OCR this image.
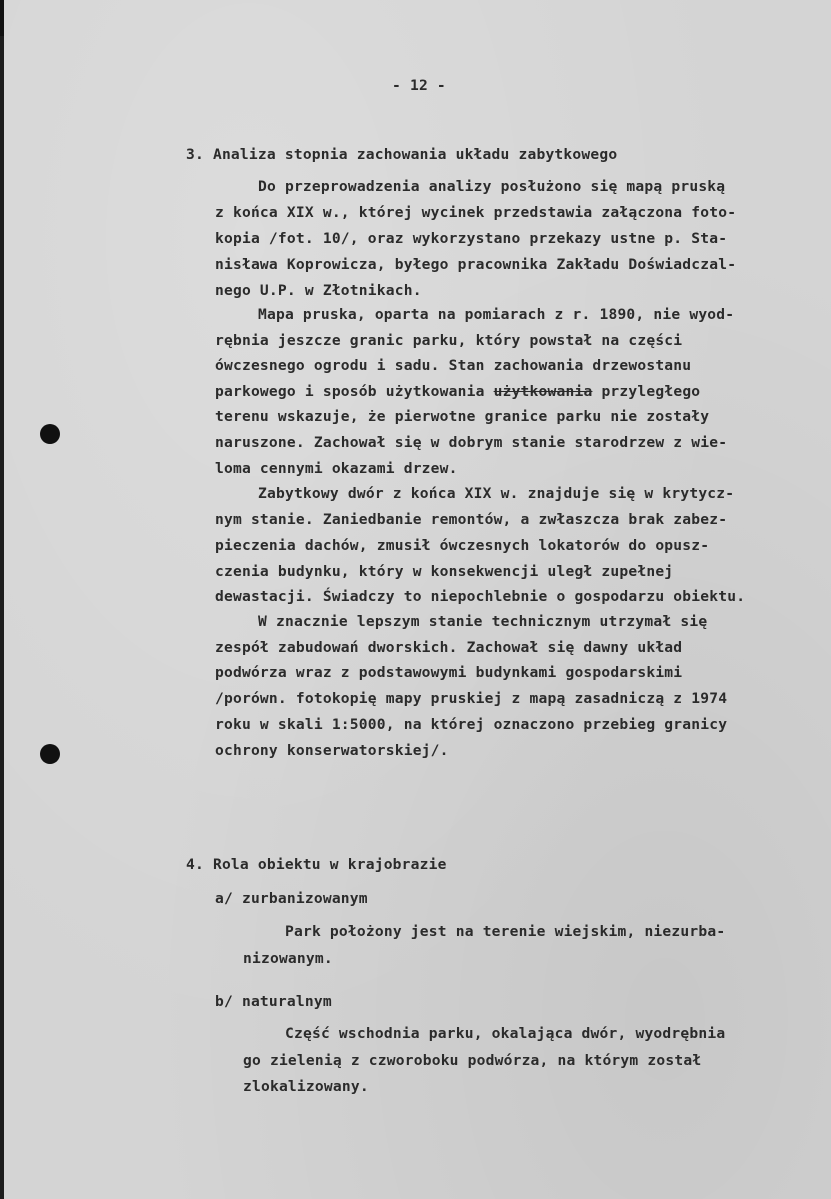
- 12 -
3. Analiza stopnia zachowania układu zabytkowego
Do przeprowadzenia analizy posłużono się mapą pruską
z końca XIX w., której wycinek przedstawia załączona foto-
kopia /fot. 10/, oraz wykorzystano przekazy ustne p. Sta-
nisława Koprowicza, byłego pracownika Zakładu Doświadczal-
nego U.P. w Złotnikach.
Mapa pruska, oparta na pomiarach z r. 1890, nie wyod-
rębnia jeszcze granic parku, który powstał na części
ówczesnego ogrodu i sadu. Stan zachowania drzewostanu
parkowego i sposób użytkowania użytkowania przyległego
terenu wskazuje, że pierwotne granice parku nie zostały
naruszone. Zachował się w dobrym stanie starodrzew z wie-
loma cennymi okazami drzew.
Zabytkowy dwór z końca XIX w. znajduje się w krytycz-
nym stanie. Zaniedbanie remontów, a zwłaszcza brak zabez-
pieczenia dachów, zmusił ówczesnych lokatorów do opusz-
czenia budynku, który w konsekwencji uległ zupełnej
dewastacji. Świadczy to niepochlebnie o gospodarzu obiektu.
W znacznie lepszym stanie technicznym utrzymał się
zespół zabudowań dworskich. Zachował się dawny układ
podwórza wraz z podstawowymi budynkami gospodarskimi
/porówn. fotokopię mapy pruskiej z mapą zasadniczą z 1974
roku w skali 1:5000, na której oznaczono przebieg granicy
ochrony konserwatorskiej/.
4. Rola obiektu w krajobrazie
a/ zurbanizowanym
Park położony jest na terenie wiejskim, niezurba-
nizowanym.
b/ naturalnym
Część wschodnia parku, okalająca dwór, wyodrębnia
go zielenią z czworoboku podwórza, na którym został
zlokalizowany.
